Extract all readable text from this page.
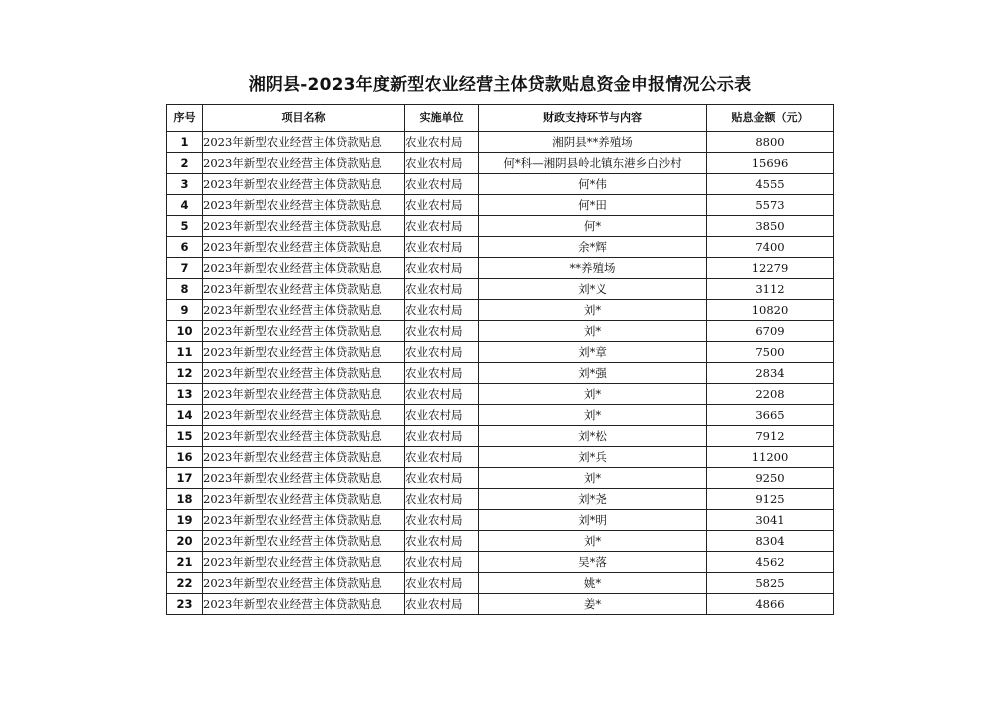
湘阴县-2023年度新型农业经营主体贷款贴息资金申报情况公示表
序号	项目名称	实施单位	财政支持环节与内容	贴息金额（元）
1	2023年新型农业经营主体贷款贴息	农业农村局	湘阴县**养殖场	8800
2	2023年新型农业经营主体贷款贴息	农业农村局	何*科—湘阴县岭北镇东港乡白沙村	15696
3	2023年新型农业经营主体贷款贴息	农业农村局	何*伟	4555
4	2023年新型农业经营主体贷款贴息	农业农村局	何*田	5573
5	2023年新型农业经营主体贷款贴息	农业农村局	何*	3850
6	2023年新型农业经营主体贷款贴息	农业农村局	余*辉	7400
7	2023年新型农业经营主体贷款贴息	农业农村局	**养殖场	12279
8	2023年新型农业经营主体贷款贴息	农业农村局	刘*义	3112
9	2023年新型农业经营主体贷款贴息	农业农村局	刘*	10820
10	2023年新型农业经营主体贷款贴息	农业农村局	刘*	6709
11	2023年新型农业经营主体贷款贴息	农业农村局	刘*章	7500
12	2023年新型农业经营主体贷款贴息	农业农村局	刘*强	2834
13	2023年新型农业经营主体贷款贴息	农业农村局	刘*	2208
14	2023年新型农业经营主体贷款贴息	农业农村局	刘*	3665
15	2023年新型农业经营主体贷款贴息	农业农村局	刘*松	7912
16	2023年新型农业经营主体贷款贴息	农业农村局	刘*兵	11200
17	2023年新型农业经营主体贷款贴息	农业农村局	刘*	9250
18	2023年新型农业经营主体贷款贴息	农业农村局	刘*尧	9125
19	2023年新型农业经营主体贷款贴息	农业农村局	刘*明	3041
20	2023年新型农业经营主体贷款贴息	农业农村局	刘*	8304
21	2023年新型农业经营主体贷款贴息	农业农村局	吴*落	4562
22	2023年新型农业经营主体贷款贴息	农业农村局	姚*	5825
23	2023年新型农业经营主体贷款贴息	农业农村局	姜*	4866
